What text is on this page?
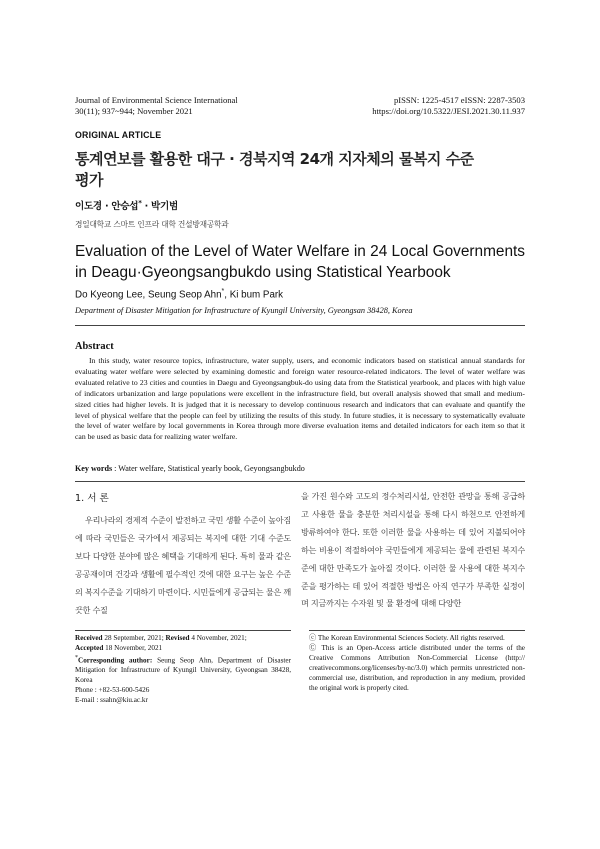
Journal of Environmental Science International
30(11); 937~944; November 2021
pISSN: 1225-4517 eISSN: 2287-3503
https://doi.org/10.5322/JESI.2021.30.11.937
ORIGINAL ARTICLE
통계연보를 활용한 대구 · 경북지역 24개 지자체의 물복지 수준
평가
이도경 · 안승섭* · 박기범
경일대학교 스마트 인프라 대학 건설방재공학과
Evaluation of the Level of Water Welfare in 24 Local Governments
in Deagu·Gyeongsangbukdo using Statistical Yearbook
Do Kyeong Lee, Seung Seop Ahn*, Ki bum Park
Department of Disaster Mitigation for Infrastructure of Kyungil University, Gyeongsan 38428, Korea
Abstract
In this study, water resource topics, infrastructure, water supply, users, and economic indicators based on statistical annual standards for evaluating water welfare were selected by examining domestic and foreign water resource-related indicators. The level of water welfare was evaluated relative to 23 cities and counties in Daegu and Gyeongsangbuk-do using data from the Statistical yearbook, and places with high value of indicators urbanization and large populations were excellent in the infrastructure field, but overall analysis showed that small and medium-sized cities had higher levels. It is judged that it is necessary to develop continuous research and indicators that can evaluate and quantify the level of physical welfare that the people can feel by utilizing the results of this study. In future studies, it is necessary to systematically evaluate the level of water welfare by local governments in Korea through more diverse evaluation items and detailed indicators for each item so that it can be used as basic data for realizing water welfare.
Key words : Water welfare, Statistical yearly book, Geyongsangbukdo
1. 서 론
우리나라의 경제적 수준이 발전하고 국민 생활 수준이 높아짐에 따라 국민들은 국가에서 제공되는 복지에 대한 기대 수준도 보다 다양한 분야에 많은 혜택을 기대하게 된다. 특히 물과 같은 공공재이며 건강과 생활에 필수적인 것에 대한 요구는 높은 수준의 복지수준을 기대하기 마련이다. 시민들에게 공급되는 물은 깨끗한 수질
을 가진 원수와 고도의 정수처리시설, 안전한 관망을 통해 공급하고 사용한 물을 충분한 처리시설을 통해 다시 하천으로 안전하게 방류하여야 한다. 또한 이러한 물을 사용하는 데 있어 지불되어야 하는 비용이 적절하여야 국민들에게 제공되는 물에 관련된 복지수준에 대한 만족도가 높아질 것이다. 이러한 물 사용에 대한 복지수준을 평가하는 데 있어 적절한 방법은 아직 연구가 부족한 실정이며 지금까지는 수자원 및 물 환경에 대해 다양한
Received 28 September, 2021; Revised 4 November, 2021;
Accepted 18 November, 2021
*Corresponding author: Seung Seop Ahn, Department of Disaster Mitigation for Infrastructure of Kyungil University, Gyeongsan 38428, Korea
Phone : +82-53-600-5426
E-mail : ssahn@kiu.ac.kr
ⓒ The Korean Environmental Sciences Society. All rights reserved.
Ⓒ This is an Open-Access article distributed under the terms of the Creative Commons Attribution Non-Commercial License (http:// creativecommons.org/licenses/by-nc/3.0) which permits unrestricted non-commercial use, distribution, and reproduction in any medium, provided the original work is properly cited.
